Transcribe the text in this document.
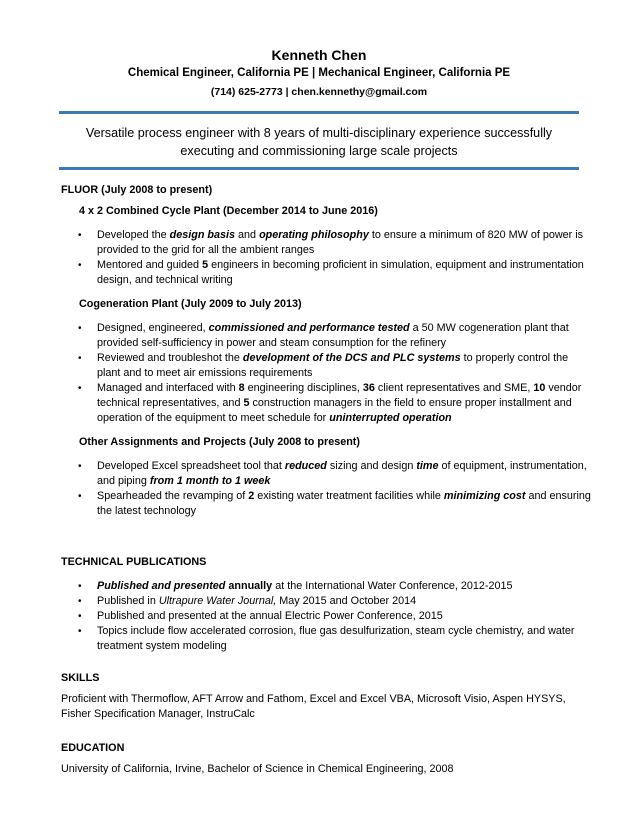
Kenneth Chen
Chemical Engineer, California PE | Mechanical Engineer, California PE
(714) 625-2773 | chen.kennethy@gmail.com
Versatile process engineer with 8 years of multi-disciplinary experience successfully
executing and commissioning large scale projects
FLUOR (July 2008 to present)
4 x 2 Combined Cycle Plant (December 2014 to June 2016)
• Developed the design basis and operating philosophy to ensure a minimum of 820 MW of power is provided to the grid for all the ambient ranges
• Mentored and guided 5 engineers in becoming proficient in simulation, equipment and instrumentation design, and technical writing
Cogeneration Plant (July 2009 to July 2013)
• Designed, engineered, commissioned and performance tested a 50 MW cogeneration plant that provided self-sufficiency in power and steam consumption for the refinery
• Reviewed and troubleshot the development of the DCS and PLC systems to properly control the plant and to meet air emissions requirements
• Managed and interfaced with 8 engineering disciplines, 36 client representatives and SME, 10 vendor technical representatives, and 5 construction managers in the field to ensure proper installment and operation of the equipment to meet schedule for uninterrupted operation
Other Assignments and Projects (July 2008 to present)
• Developed Excel spreadsheet tool that reduced sizing and design time of equipment, instrumentation, and piping from 1 month to 1 week
• Spearheaded the revamping of 2 existing water treatment facilities while minimizing cost and ensuring the latest technology
TECHNICAL PUBLICATIONS
• Published and presented annually at the International Water Conference, 2012-2015
• Published in Ultrapure Water Journal, May 2015 and October 2014
• Published and presented at the annual Electric Power Conference, 2015
• Topics include flow accelerated corrosion, flue gas desulfurization, steam cycle chemistry, and water treatment system modeling
SKILLS
Proficient with Thermoflow, AFT Arrow and Fathom, Excel and Excel VBA, Microsoft Visio, Aspen HYSYS, Fisher Specification Manager, InstruCalc
EDUCATION
University of California, Irvine, Bachelor of Science in Chemical Engineering, 2008
